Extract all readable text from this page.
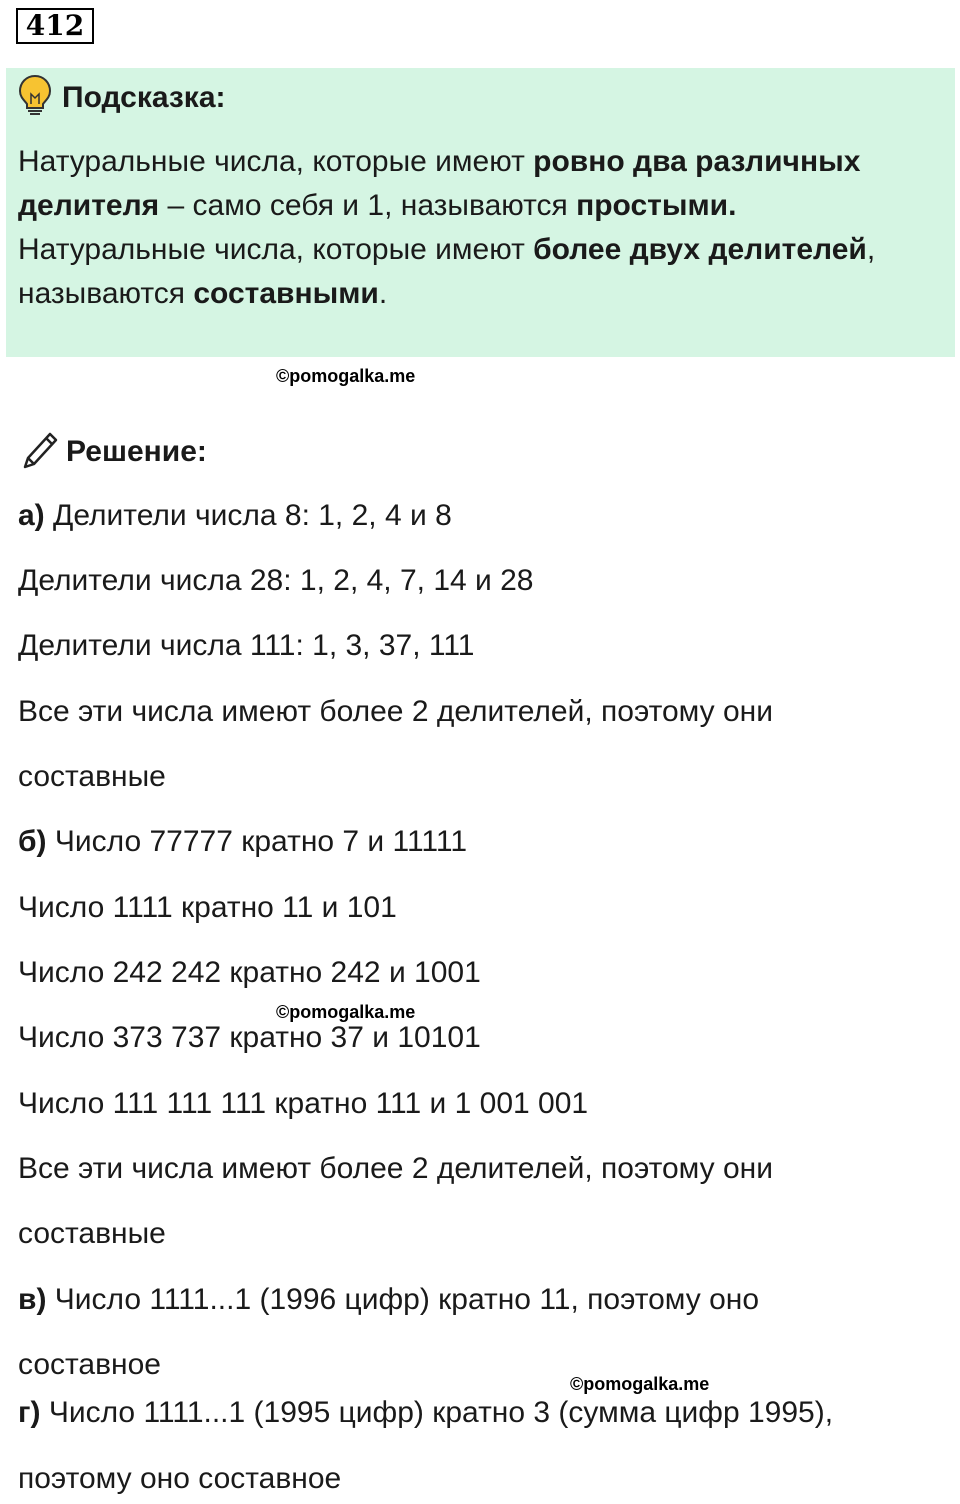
412
Подсказка:

Натуральные числа, которые имеют ровно два различных делителя – само себя и 1, называются простыми.

Натуральные числа, которые имеют более двух делителей, называются составными.

©pomogalka.me
Решение:
а) Делители числа 8: 1, 2, 4 и 8
Делители числа 28: 1, 2, 4, 7, 14 и 28
Делители числа 111: 1, 3, 37, 111
Все эти числа имеют более 2 делителей, поэтому они
составные
б) Число 77777 кратно 7 и 11111
Число 1111 кратно 11 и 101
Число 242 242 кратно 242 и 1001
©pomogalka.me
Число 373 737 кратно 37 и 10101
Число 111 111 111 кратно 111 и 1 001 001
Все эти числа имеют более 2 делителей, поэтому они
составные
в) Число 1111...1 (1996 цифр) кратно 11, поэтому оно
составное
©pomogalka.me
г) Число 1111...1 (1995 цифр) кратно 3 (сумма цифр 1995),
поэтому оно составное
